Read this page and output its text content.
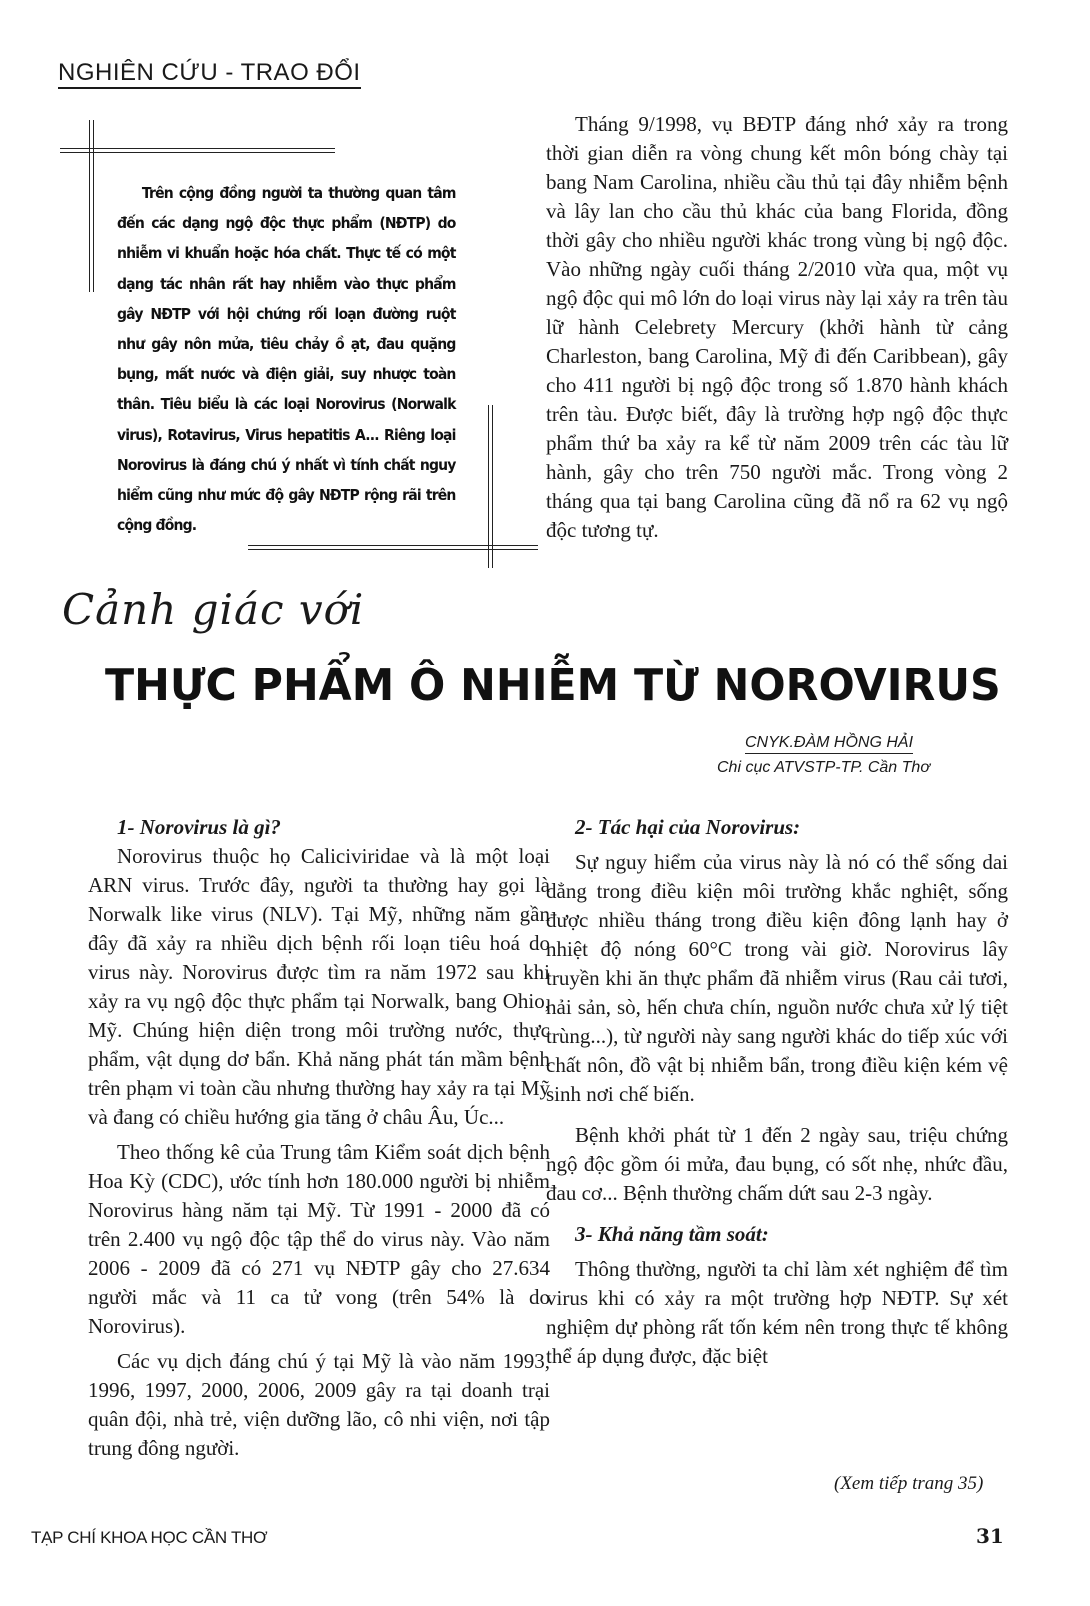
NGHIÊN CỨU - TRAO ĐỔI
Trên cộng đồng người ta thường quan tâm đến các dạng ngộ độc thực phẩm (NĐTP) do nhiễm vi khuẩn hoặc hóa chất. Thực tế có một dạng tác nhân rất hay nhiễm vào thực phẩm gây NĐTP với hội chứng rối loạn đường ruột như gây nôn mửa, tiêu chảy ồ ạt, đau quặng bụng, mất nước và điện giải, suy nhược toàn thân. Tiêu biểu là các loại Norovirus (Norwalk virus), Rotavirus, Virus hepatitis A... Riêng loại Norovirus là đáng chú ý nhất vì tính chất nguy hiểm cũng như mức độ gây NĐTP rộng rãi trên cộng đồng.

Tháng 9/1998, vụ BĐTP đáng nhớ xảy ra trong thời gian diễn ra vòng chung kết môn bóng chày tại bang Nam Carolina, nhiều cầu thủ tại đây nhiễm bệnh và lây lan cho cầu thủ khác của bang Florida, đồng thời gây cho nhiều người khác trong vùng bị ngộ độc. Vào những ngày cuối tháng 2/2010 vừa qua, một vụ ngộ độc qui mô lớn do loại virus này lại xảy ra trên tàu lữ hành Celebrety Mercury (khởi hành từ cảng Charleston, bang Carolina, Mỹ đi đến Caribbean), gây cho 411 người bị ngộ độc trong số 1.870 hành khách trên tàu. Được biết, đây là trường hợp ngộ độc thực phẩm thứ ba xảy ra kể từ năm 2009 trên các tàu lữ hành, gây cho trên 750 người mắc. Trong vòng 2 tháng qua tại bang Carolina cũng đã nổ ra 62 vụ ngộ độc tương tự.

Cảnh giác với
THỰC PHẨM Ô NHIỄM TỪ NOROVIRUS
CNYK.ĐÀM HỒNG HẢI
Chi cục ATVSTP-TP. Cần Thơ
1- Norovirus là gì?

Norovirus thuộc họ Caliciviridae và là một loại ARN virus. Trước đây, người ta thường hay gọi là Norwalk like virus (NLV). Tại Mỹ, những năm gần đây đã xảy ra nhiều dịch bệnh rối loạn tiêu hoá do virus này. Norovirus được tìm ra năm 1972 sau khi xảy ra vụ ngộ độc thực phẩm tại Norwalk, bang Ohio, Mỹ. Chúng hiện diện trong môi trường nước, thực phẩm, vật dụng dơ bẩn. Khả năng phát tán mầm bệnh trên phạm vi toàn cầu nhưng thường hay xảy ra tại Mỹ và đang có chiều hướng gia tăng ở châu Âu, Úc...

Theo thống kê của Trung tâm Kiểm soát dịch bệnh Hoa Kỳ (CDC), ước tính hơn 180.000 người bị nhiễm Norovirus hàng năm tại Mỹ. Từ 1991 - 2000 đã có trên 2.400 vụ ngộ độc tập thể do virus này. Vào năm 2006 - 2009 đã có 271 vụ NĐTP gây cho 27.634 người mắc và 11 ca tử vong (trên 54% là do Norovirus).

Các vụ dịch đáng chú ý tại Mỹ là vào năm 1993, 1996, 1997, 2000, 2006, 2009 gây ra tại doanh trại quân đội, nhà trẻ, viện dưỡng lão, cô nhi viện, nơi tập trung đông người.

2- Tác hại của Norovirus:

Sự nguy hiểm của virus này là nó có thể sống dai dẳng trong điều kiện môi trường khắc nghiệt, sống được nhiều tháng trong điều kiện đông lạnh hay ở nhiệt độ nóng 60°C trong vài giờ. Norovirus lây truyền khi ăn thực phẩm đã nhiễm virus (Rau cải tươi, hải sản, sò, hến chưa chín, nguồn nước chưa xử lý tiệt trùng...), từ người này sang người khác do tiếp xúc với chất nôn, đồ vật bị nhiễm bẩn, trong điều kiện kém vệ sinh nơi chế biến.

Bệnh khởi phát từ 1 đến 2 ngày sau, triệu chứng ngộ độc gồm ói mửa, đau bụng, có sốt nhẹ, nhức đầu, đau cơ... Bệnh thường chấm dứt sau 2-3 ngày.

3- Khả năng tầm soát:

Thông thường, người ta chỉ làm xét nghiệm để tìm virus khi có xảy ra một trường hợp NĐTP. Sự xét nghiệm dự phòng rất tốn kém nên trong thực tế không thể áp dụng được, đặc biệt

(Xem tiếp trang 35)
TẠP CHÍ KHOA HỌC CẦN THƠ	31
